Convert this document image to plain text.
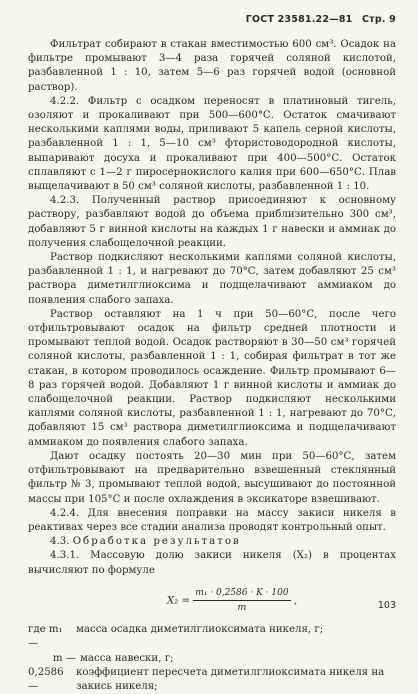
ГОСТ 23581.22—81 Стр. 9

Фильтрат собирают в стакан вместимостью 600 см³. Осадок на фильтре промывают 3—4 раза горячей соляной кислотой, разбавленной 1 : 10, затем 5—6 раз горячей водой (основной раствор).

4.2.2. Фильтр с осадком переносят в платиновый тигель, озоляют и прокаливают при 500—600°С. Остаток смачивают несколькими каплями воды, приливают 5 капель серной кислоты, разбавленной 1 : 1, 5—10 см³ фтористоводородной кислоты, выпаривают досуха и прокаливают при 400—500°С. Остаток сплавляют с 1—2 г пиросернокислого калия при 600—650°С. Плав выщелачивают в 50 см³ соляной кислоты, разбавленной 1 : 10.

4.2.3. Полученный раствор присоединяют к основному раствору, разбавляют водой до объема приблизительно 300 см³, добавляют 5 г винной кислоты на каждых 1 г навески и аммиак до получения слабощелочной реакции.

Раствор подкисляют несколькими каплями соляной кислоты, разбавленной 1 : 1, и нагревают до 70°С, затем добавляют 25 см³ раствора диметилглиоксима и подщелачивают аммиаком до появления слабого запаха.

Раствор оставляют на 1 ч при 50—60°С, после чего отфильтровывают осадок на фильтр средней плотности и промывают теплой водой. Осадок растворяют в 30—50 см³ горячей соляной кислоты, разбавленной 1 : 1, собирая фильтрат в тот же стакан, в котором проводилось осаждение. Фильтр промывают 6—8 раз горячей водой. Добавляют 1 г винной кислоты и аммиак до слабощелочной реакции. Раствор подкисляют несколькими каплями соляной кислоты, разбавленной 1 : 1, нагревают до 70°С, добавляют 15 см³ раствора диметилглиоксима и подщелачивают аммиаком до появления слабого запаха.

Дают осадку постоять 20—30 мин при 50—60°С, затем отфильтровывают на предварительно взвешенный стеклянный фильтр № 3, промывают теплой водой, высушивают до постоянной массы при 105°С и после охлаждения в эксикаторе взвешивают.

4.2.4. Для внесения поправки на массу закиси никеля в реактивах через все стадии анализа проводят контрольный опыт.

4.3. Обработка результатов

4.3.1. Массовую долю закиси никеля (X₂) в процентах вычисляют по формуле

$X_2 = \frac{\text{m₁ · 0,2586 · K · 100}}{m}$ ,
где m₁ —
масса осадка диметилглиоксимата никеля, г;
m — масса навески, г;
0,2586 —
коэффициент пересчета диметилглиоксимата никеля на закись никеля;
103
